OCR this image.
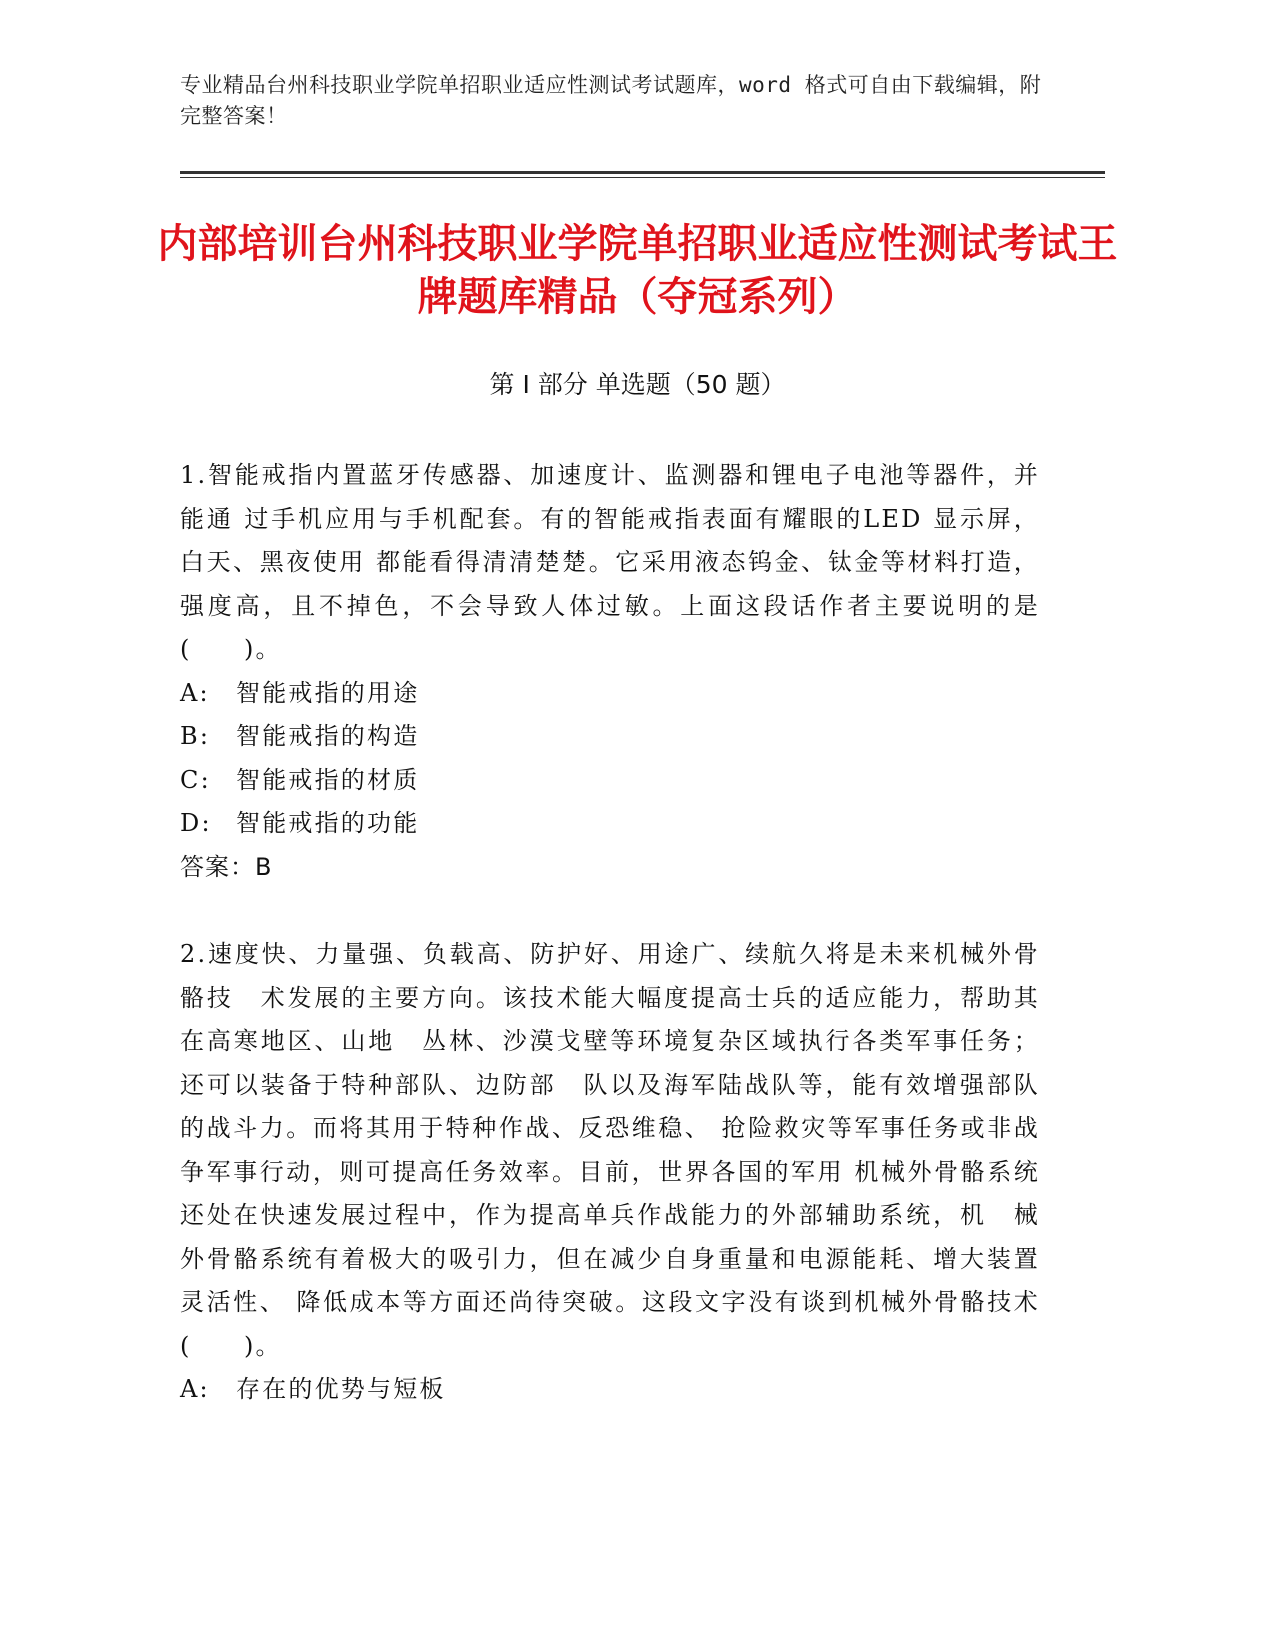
专业精品台州科技职业学院单招职业适应性测试考试题库，word 格式可自由下载编辑，附完整答案！
内部培训台州科技职业学院单招职业适应性测试考试王牌题库精品（夺冠系列）
第 I 部分 单选题（50 题）

1.智能戒指内置蓝牙传感器、加速度计、监测器和锂电子电池等器件，并能通 过手机应用与手机配套。有的智能戒指表面有耀眼的LED 显示屏，白天、黑夜使用 都能看得清清楚楚。它采用液态钨金、钛金等材料打造，强度高，且不掉色，不会导致人体过敏。上面这段话作者主要说明的是(　　)。

A: 智能戒指的用途

B: 智能戒指的构造

C: 智能戒指的材质

D: 智能戒指的功能

答案：B

2.速度快、力量强、负载高、防护好、用途广、续航久将是未来机械外骨骼技　术发展的主要方向。该技术能大幅度提高士兵的适应能力，帮助其在高寒地区、山地　丛林、沙漠戈壁等环境复杂区域执行各类军事任务；还可以装备于特种部队、边防部　队以及海军陆战队等，能有效增强部队的战斗力。而将其用于特种作战、反恐维稳、 抢险救灾等军事任务或非战争军事行动，则可提高任务效率。目前，世界各国的军用 机械外骨骼系统还处在快速发展过程中，作为提高单兵作战能力的外部辅助系统，机　械外骨骼系统有着极大的吸引力，但在减少自身重量和电源能耗、增大装置灵活性、 降低成本等方面还尚待突破。这段文字没有谈到机械外骨骼技术(　　)。

A: 存在的优势与短板
